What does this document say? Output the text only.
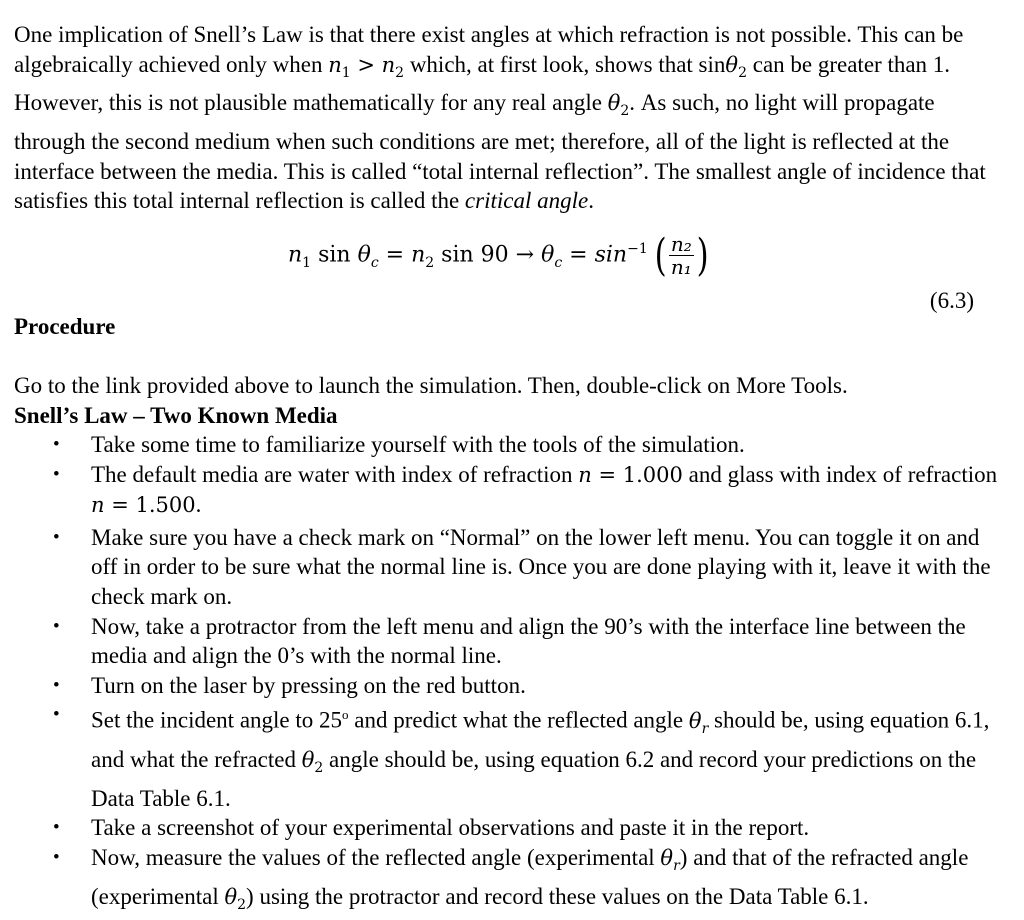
One implication of Snell’s Law is that there exist angles at which refraction is not possible. This can be algebraically achieved only when $n_1 > n_2$ which, at first look, shows that sinθ$_2$ can be greater than 1. However, this is not plausible mathematically for any real angle $\theta_2$. As such, no light will propagate through the second medium when such conditions are met; therefore, all of the light is reflected at the interface between the media. This is called “total internal reflection”. The smallest angle of incidence that satisfies this total internal reflection is called the critical angle.

$n_1$ $\sin \theta_c = n_2$ $\sin 90 \to \theta_c = \sin^{-1}$ ( $\frac{\text{n₂}}{\text{n₁}}$ )
(6.3)

Procedure

Go to the link provided above to launch the simulation. Then, double-click on More Tools.

Snell’s Law – Two Known Media

• Take some time to familiarize yourself with the tools of the simulation.
• The default media are water with index of refraction n = 1.000 and glass with index of refraction n = 1.500.
• Make sure you have a check mark on “Normal” on the lower left menu. You can toggle it on and off in order to be sure what the normal line is. Once you are done playing with it, leave it with the check mark on.
• Now, take a protractor from the left menu and align the 90’s with the interface line between the media and align the 0’s with the normal line.
• Turn on the laser by pressing on the red button.
• Set the incident angle to 25$^o$ and predict what the reflected angle $\theta_r$ should be, using equation 6.1, and what the refracted $\theta_2$ angle should be, using equation 6.2 and record your predictions on the Data Table 6.1.
• Take a screenshot of your experimental observations and paste it in the report.
• Now, measure the values of the reflected angle (experimental $\theta_r$) and that of the refracted angle (experimental $\theta_2$) using the protractor and record these values on the Data Table 6.1.
